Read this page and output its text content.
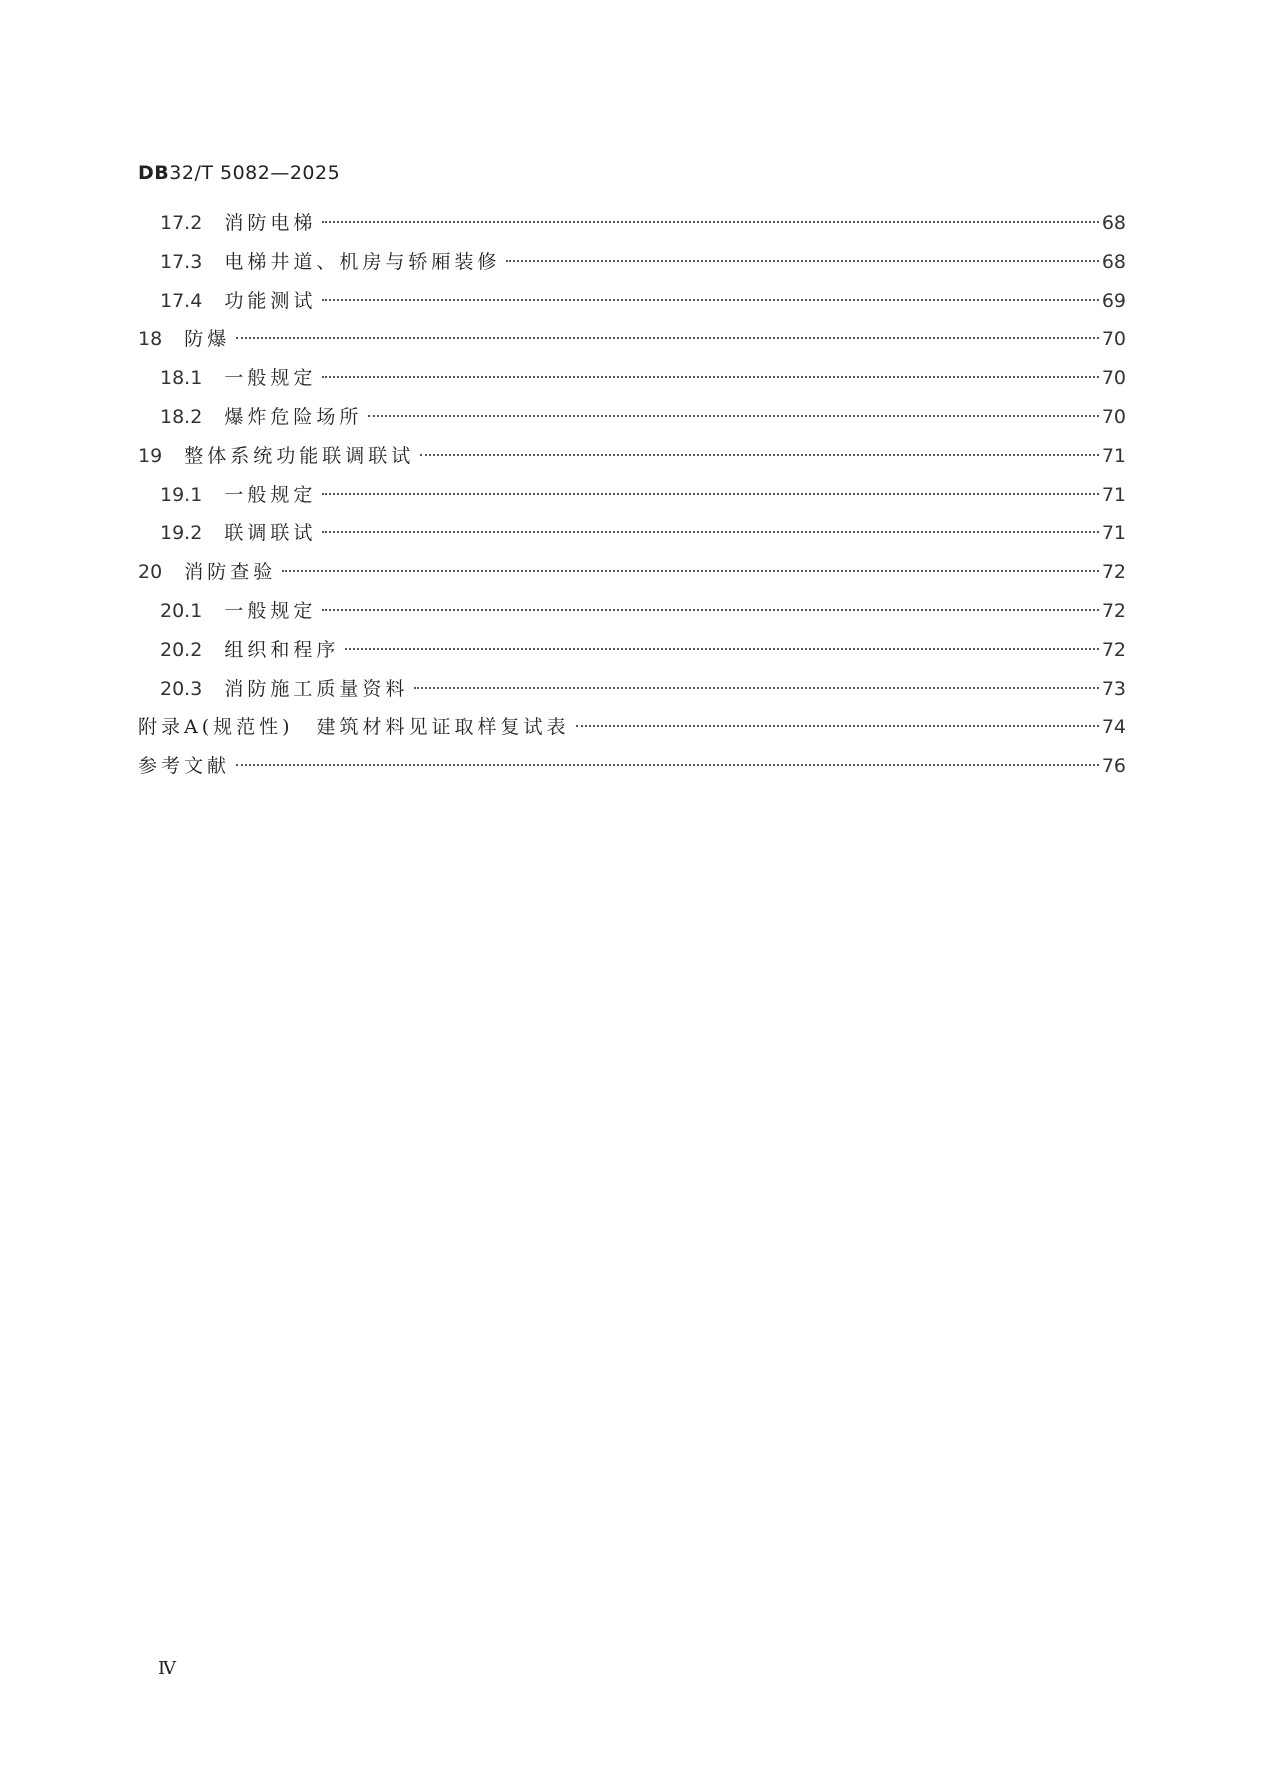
DB32/T 5082—2025
17.2 消防电梯	68
17.3 电梯井道、机房与轿厢装修	68
17.4 功能测试	69
18 防爆	70
18.1 一般规定	70
18.2 爆炸危险场所	70
19 整体系统功能联调联试	71
19.1 一般规定	71
19.2 联调联试	71
20 消防查验	72
20.1 一般规定	72
20.2 组织和程序	72
20.3 消防施工质量资料	73
附录A(规范性)　建筑材料见证取样复试表	74
参考文献	76
Ⅳ
